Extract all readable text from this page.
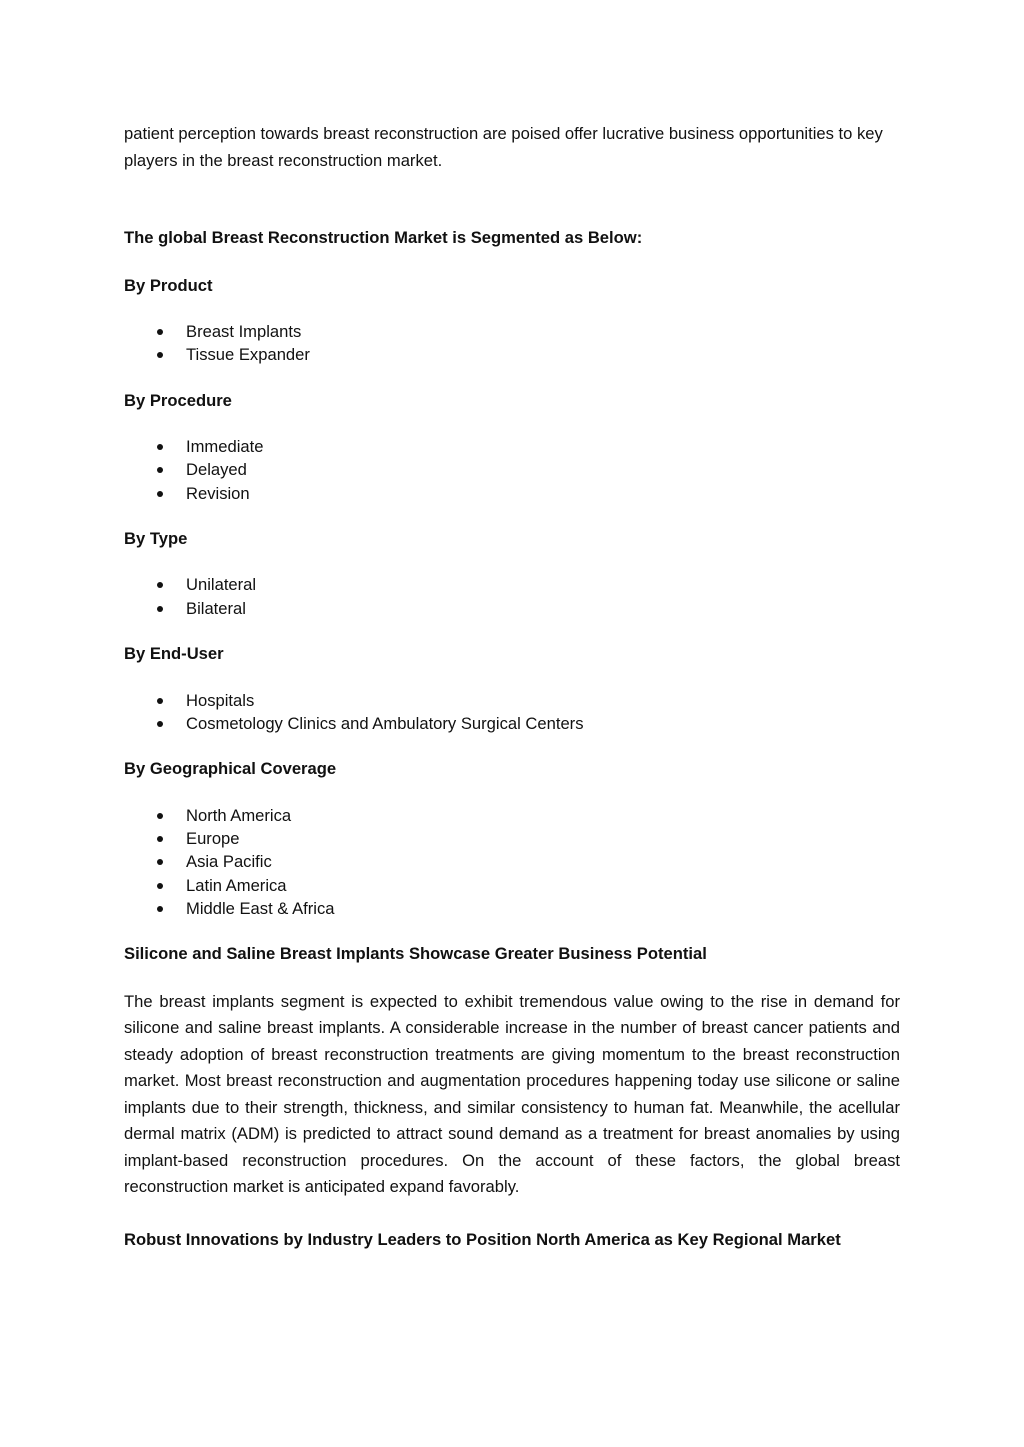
patient perception towards breast reconstruction are poised offer lucrative business opportunities to key players in the breast reconstruction market.

The global Breast Reconstruction Market is Segmented as Below:

By Product

Breast Implants
Tissue Expander

By Procedure

Immediate
Delayed
Revision

By Type

Unilateral
Bilateral

By End-User

Hospitals
Cosmetology Clinics and Ambulatory Surgical Centers

By Geographical Coverage

North America
Europe
Asia Pacific
Latin America
Middle East & Africa

Silicone and Saline Breast Implants Showcase Greater Business Potential

The breast implants segment is expected to exhibit tremendous value owing to the rise in demand for silicone and saline breast implants. A considerable increase in the number of breast cancer patients and steady adoption of breast reconstruction treatments are giving momentum to the breast reconstruction market. Most breast reconstruction and augmentation procedures happening today use silicone or saline implants due to their strength, thickness, and similar consistency to human fat. Meanwhile, the acellular dermal matrix (ADM) is predicted to attract sound demand as a treatment for breast anomalies by using implant-based reconstruction procedures. On the account of these factors, the global breast reconstruction market is anticipated expand favorably.

Robust Innovations by Industry Leaders to Position North America as Key Regional Market
